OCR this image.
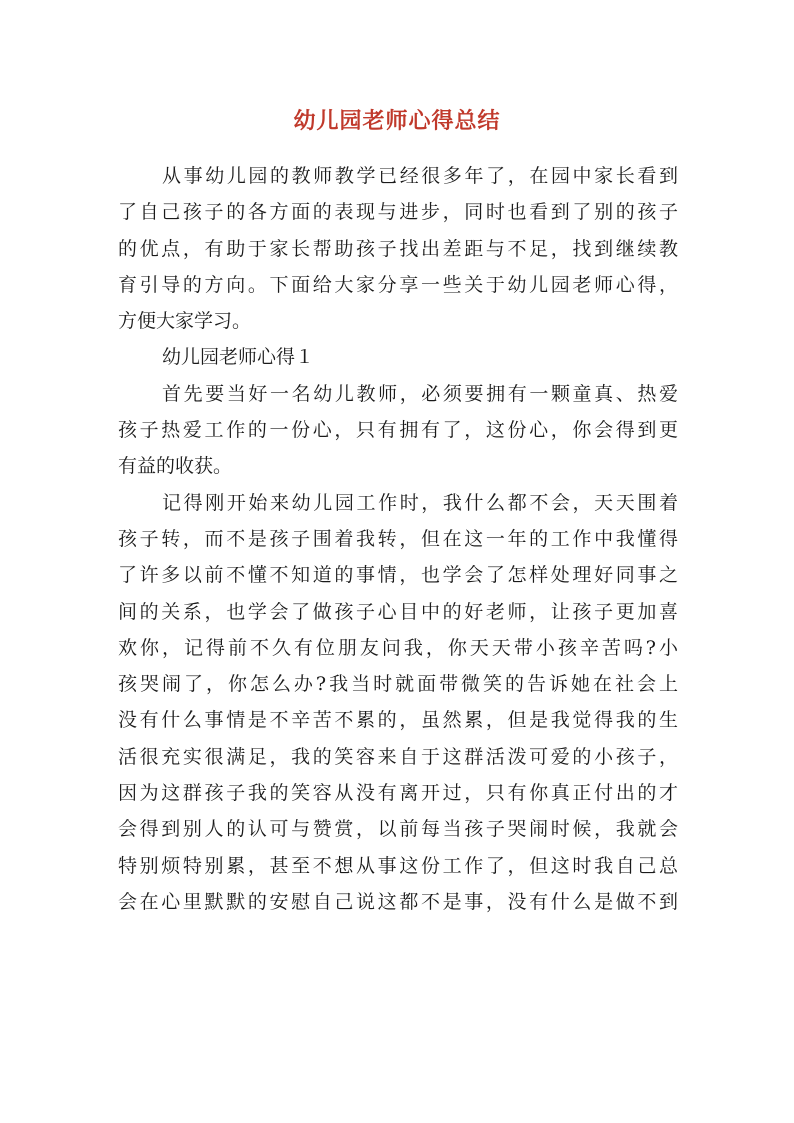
幼儿园老师心得总结
从事幼儿园的教师教学已经很多年了，在园中家长看到
了自己孩子的各方面的表现与进步，同时也看到了别的孩子
的优点，有助于家长帮助孩子找出差距与不足，找到继续教
育引导的方向。下面给大家分享一些关于幼儿园老师心得，
方便大家学习。
幼儿园老师心得１
首先要当好一名幼儿教师，必须要拥有一颗童真、热爱
孩子热爱工作的一份心，只有拥有了，这份心，你会得到更
有益的收获。
记得刚开始来幼儿园工作时，我什么都不会，天天围着
孩子转，而不是孩子围着我转，但在这一年的工作中我懂得
了许多以前不懂不知道的事情，也学会了怎样处理好同事之
间的关系，也学会了做孩子心目中的好老师，让孩子更加喜
欢你，记得前不久有位朋友问我，你天天带小孩辛苦吗?小
孩哭闹了，你怎么办?我当时就面带微笑的告诉她在社会上
没有什么事情是不辛苦不累的，虽然累，但是我觉得我的生
活很充实很满足，我的笑容来自于这群活泼可爱的小孩子，
因为这群孩子我的笑容从没有离开过，只有你真正付出的才
会得到别人的认可与赞赏，以前每当孩子哭闹时候，我就会
特别烦特别累，甚至不想从事这份工作了，但这时我自己总
会在心里默默的安慰自己说这都不是事，没有什么是做不到
